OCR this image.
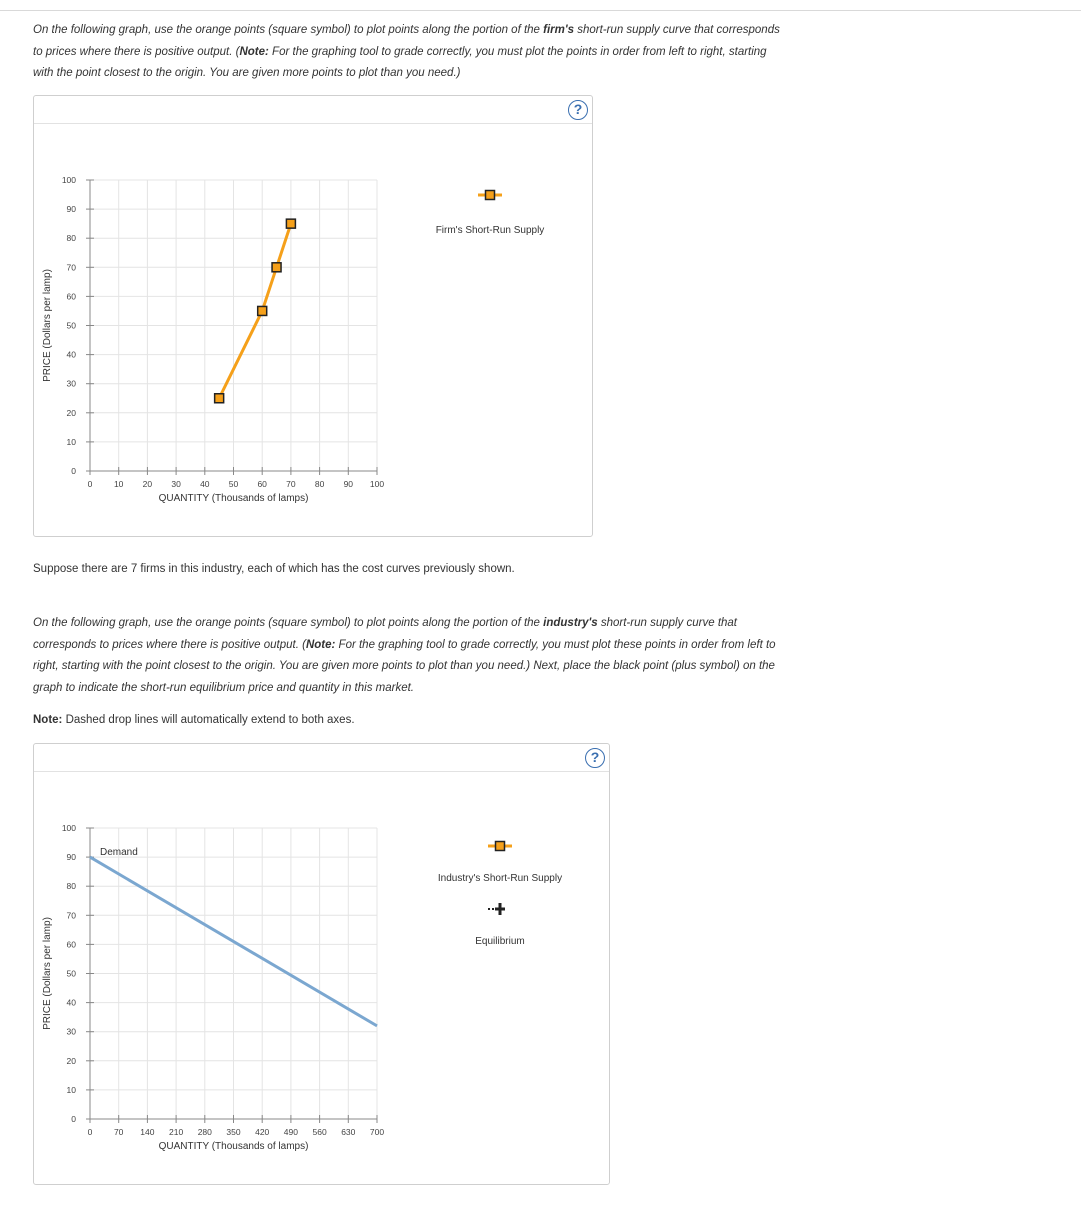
On the following graph, use the orange points (square symbol) to plot points along the portion of the firm's short-run supply curve that corresponds
to prices where there is positive output. (Note: For the graphing tool to grade correctly, you must plot the points in order from left to right, starting
with the point closest to the origin. You are given more points to plot than you need.)
?
0	10 20 30 40 50 60 70 80 90 100
0
10
20
30
40
50
60
70
80
90
100
QUANTITY (Thousands of lamps)
PRICE (Dollars per lamp)
Firm's Short-Run Supply
Suppose there are 7 firms in this industry, each of which has the cost curves previously shown.
On the following graph, use the orange points (square symbol) to plot points along the portion of the industry's short-run supply curve that
corresponds to prices where there is positive output. (Note: For the graphing tool to grade correctly, you must plot these points in order from left to
right, starting with the point closest to the origin. You are given more points to plot than you need.) Next, place the black point (plus symbol) on the
graph to indicate the short-run equilibrium price and quantity in this market.
Note: Dashed drop lines will automatically extend to both axes.
?
0	70 140 210 280 350 420 490 560 630 700
0
10
20
30
40
50
60
70
80
90
100
QUANTITY (Thousands of lamps)
PRICE (Dollars per lamp)
Demand
Industry's Short-Run Supply
Equilibrium
